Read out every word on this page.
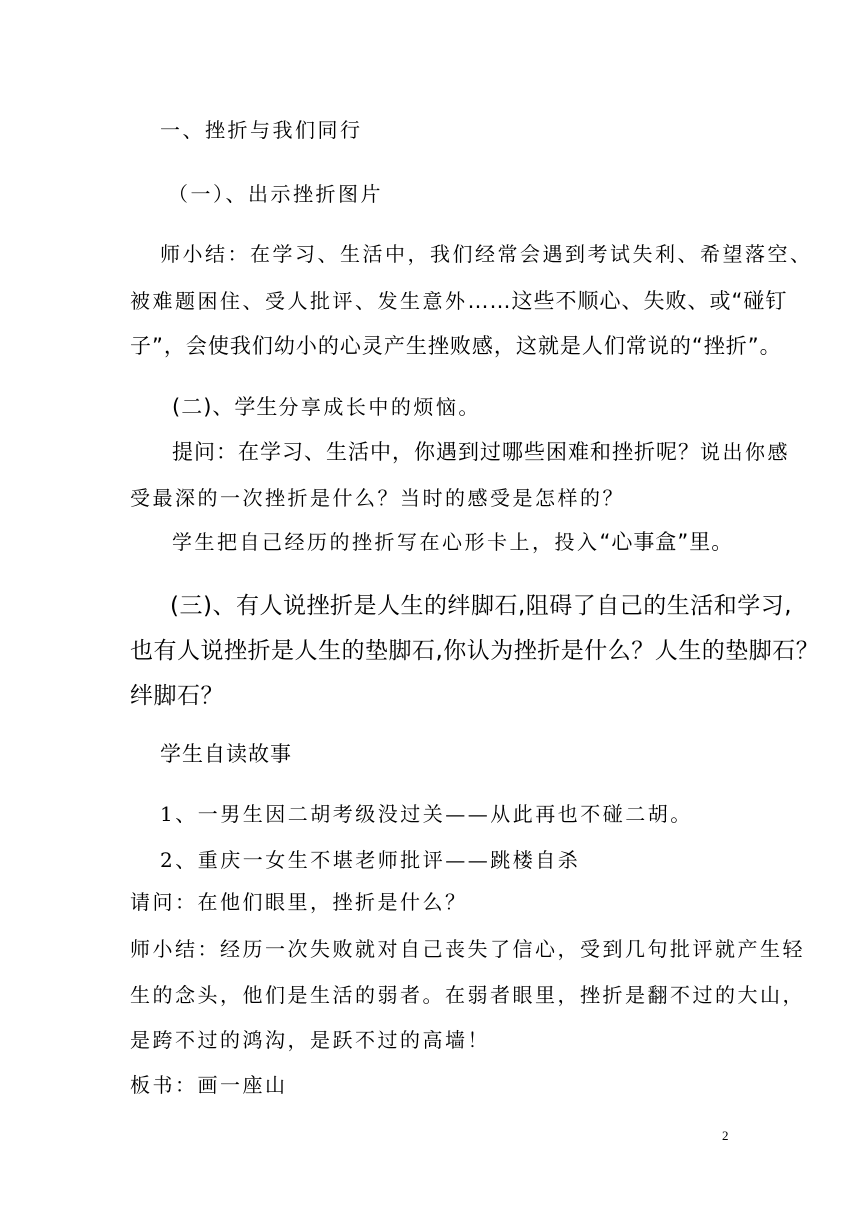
一、挫折与我们同行
（一）、出示挫折图片
师小结：在学习、生活中，我们经常会遇到考试失利、希望落空、
被难题困住、受人批评、发生意外……这些不顺心、失败、或“碰钉
子”，会使我们幼小的心灵产生挫败感，这就是人们常说的“挫折”。
(二)、学生分享成长中的烦恼。
提问：在学习、生活中，你遇到过哪些困难和挫折呢？说出你感
受最深的一次挫折是什么？当时的感受是怎样的？
学生把自己经历的挫折写在心形卡上，投入“心事盒”里。
(三)、有人说挫折是人生的绊脚石,阻碍了自己的生活和学习,
也有人说挫折是人生的垫脚石,你认为挫折是什么？人生的垫脚石？
绊脚石？
学生自读故事
1、一男生因二胡考级没过关——从此再也不碰二胡。
2、重庆一女生不堪老师批评——跳楼自杀
请问：在他们眼里，挫折是什么？
师小结：经历一次失败就对自己丧失了信心，受到几句批评就产生轻
生的念头，他们是生活的弱者。在弱者眼里，挫折是翻不过的大山，
是跨不过的鸿沟，是跃不过的高墙！
板书：画一座山
2
